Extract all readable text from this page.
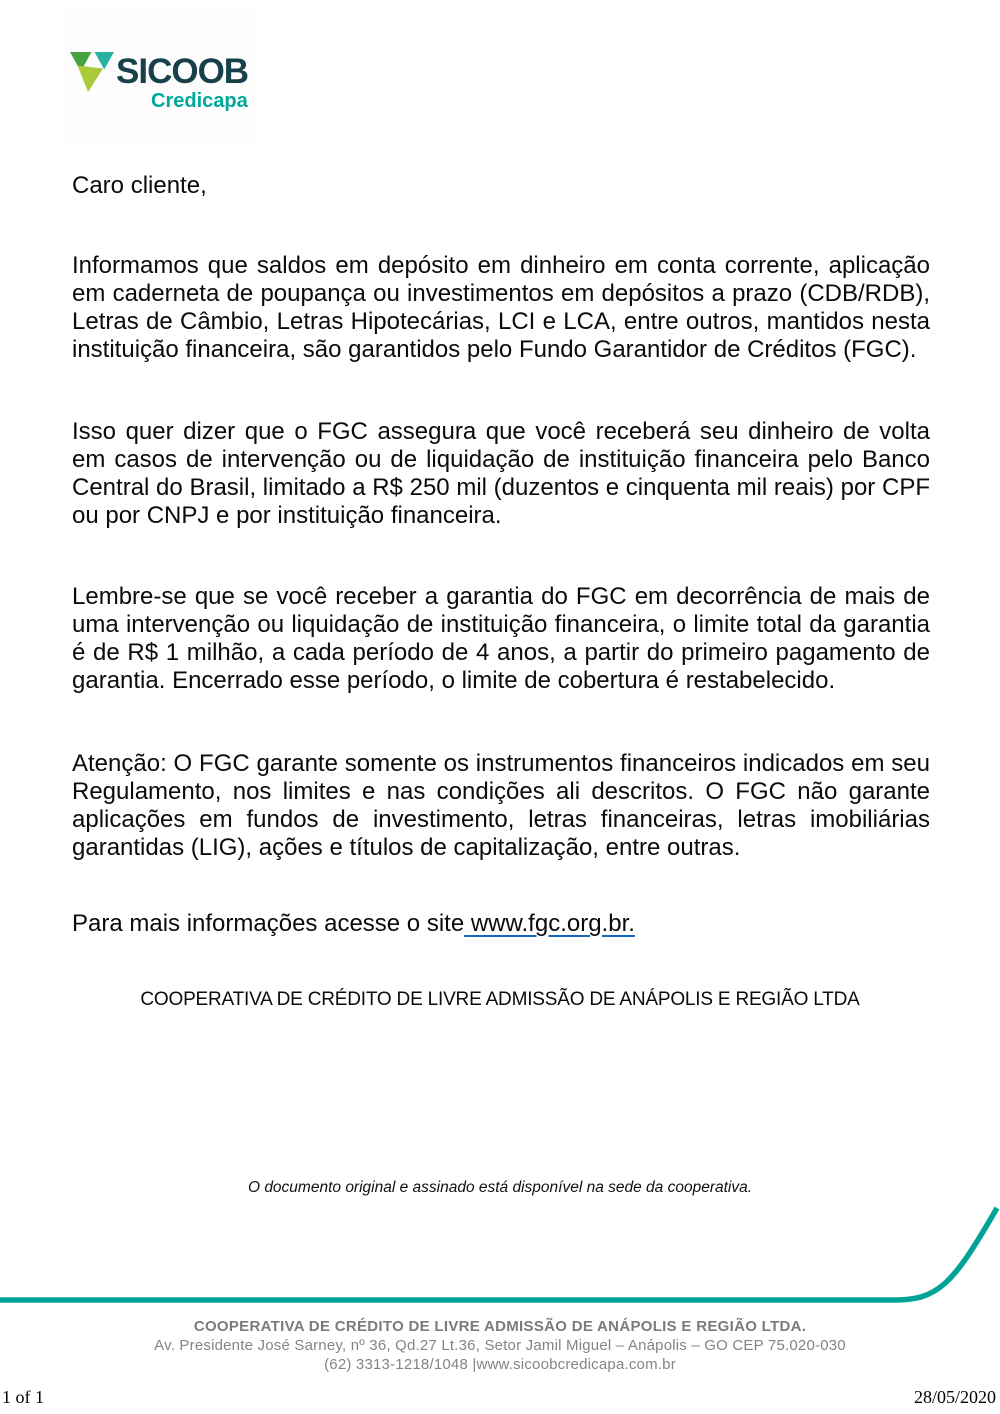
SICOOB
Credicapa

Caro cliente,

Informamos que saldos em depósito em dinheiro em conta corrente, aplicação em caderneta de poupança ou investimentos em depósitos a prazo (CDB/RDB), Letras de Câmbio, Letras Hipotecárias, LCI e LCA, entre outros, mantidos nesta instituição financeira, são garantidos pelo Fundo Garantidor de Créditos (FGC).

Isso quer dizer que o FGC assegura que você receberá seu dinheiro de volta em casos de intervenção ou de liquidação de instituição financeira pelo Banco Central do Brasil, limitado a R$ 250 mil (duzentos e cinquenta mil reais) por CPF ou por CNPJ e por instituição financeira.

Lembre-se que se você receber a garantia do FGC em decorrência de mais de uma intervenção ou liquidação de instituição financeira, o limite total da garantia é de R$ 1 milhão, a cada período de 4 anos, a partir do primeiro pagamento de garantia. Encerrado esse período, o limite de cobertura é restabelecido.

Atenção: O FGC garante somente os instrumentos financeiros indicados em seu Regulamento, nos limites e nas condições ali descritos. O FGC não garante aplicações em fundos de investimento, letras financeiras, letras imobiliárias garantidas (LIG), ações e títulos de capitalização, entre outras.

Para mais informações acesse o site www.fgc.org.br.

COOPERATIVA DE CRÉDITO DE LIVRE ADMISSÃO DE ANÁPOLIS E REGIÃO LTDA
O documento original e assinado está disponível na sede da cooperativa.
COOPERATIVA DE CRÉDITO DE LIVRE ADMISSÃO DE ANÁPOLIS E REGIÃO LTDA.
Av. Presidente José Sarney, nº 36, Qd.27 Lt.36, Setor Jamil Miguel – Anápolis – GO CEP 75.020-030
(62) 3313-1218/1048 |www.sicoobcredicapa.com.br
1 of 1	28/05/2020
